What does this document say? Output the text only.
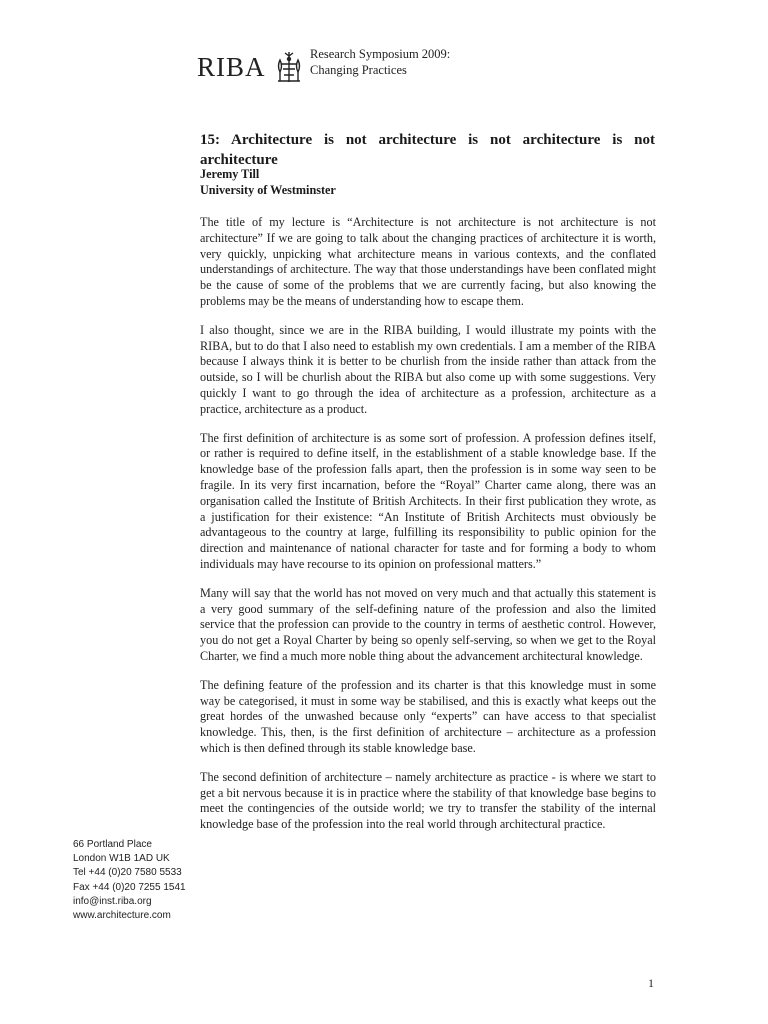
RIBA	Research Symposium 2009:
Changing Practices
15: Architecture is not architecture is not architecture is not architecture
Jeremy Till
University of Westminster

The title of my lecture is “Architecture is not architecture is not architecture is not architecture” If we are going to talk about the changing practices of architecture it is worth, very quickly, unpicking what architecture means in various contexts, and the conflated understandings of architecture. The way that those understandings have been conflated might be the cause of some of the problems that we are currently facing, but also knowing the problems may be the means of understanding how to escape them.

I also thought, since we are in the RIBA building, I would illustrate my points with the RIBA, but to do that I also need to establish my own credentials. I am a member of the RIBA because I always think it is better to be churlish from the inside rather than attack from the outside, so I will be churlish about the RIBA but also come up with some suggestions. Very quickly I want to go through the idea of architecture as a profession, architecture as a practice, architecture as a product.

The first definition of architecture is as some sort of profession. A profession defines itself, or rather is required to define itself, in the establishment of a stable knowledge base. If the knowledge base of the profession falls apart, then the profession is in some way seen to be fragile. In its very first incarnation, before the “Royal” Charter came along, there was an organisation called the Institute of British Architects. In their first publication they wrote, as a justification for their existence: “An Institute of British Architects must obviously be advantageous to the country at large, fulfilling its responsibility to public opinion for the direction and maintenance of national character for taste and for forming a body to whom individuals may have recourse to its opinion on professional matters.”

Many will say that the world has not moved on very much and that actually this statement is a very good summary of the self-defining nature of the profession and also the limited service that the profession can provide to the country in terms of aesthetic control. However, you do not get a Royal Charter by being so openly self-serving, so when we get to the Royal Charter, we find a much more noble thing about the advancement architectural knowledge.

The defining feature of the profession and its charter is that this knowledge must in some way be categorised, it must in some way be stabilised, and this is exactly what keeps out the great hordes of the unwashed because only “experts” can have access to that specialist knowledge. This, then, is the first definition of architecture – architecture as a profession which is then defined through its stable knowledge base.

The second definition of architecture – namely architecture as practice - is where we start to get a bit nervous because it is in practice where the stability of that knowledge base begins to meet the contingencies of the outside world; we try to transfer the stability of the internal knowledge base of the profession into the real world through architectural practice.

66 Portland Place
London W1B 1AD UK
Tel +44 (0)20 7580 5533
Fax +44 (0)20 7255 1541
info@inst.riba.org
www.architecture.com
1
